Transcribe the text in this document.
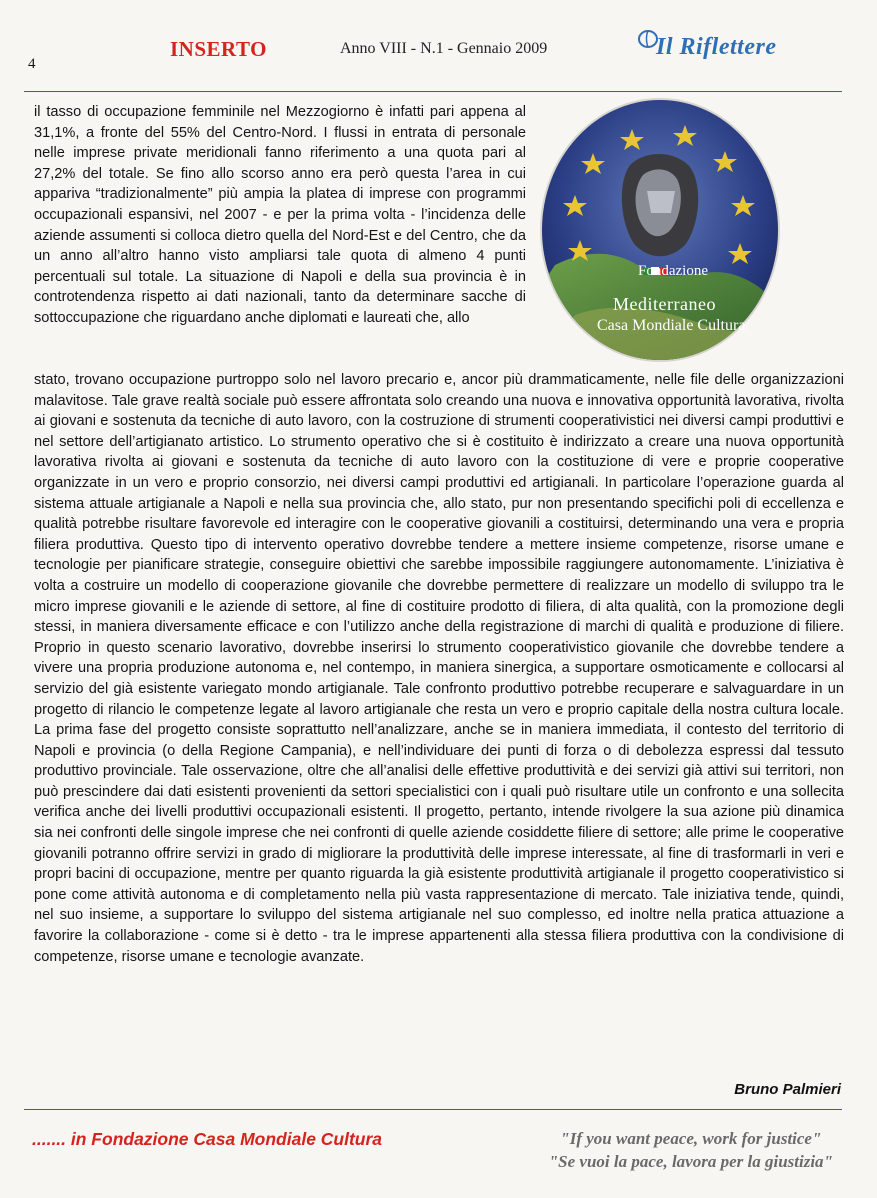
4
INSERTO	Anno VIII - N.1 - Gennaio 2009	Il Riflettere
Fondazione
Mediterraneo
Casa Mondiale Cultura

il tasso di occupazione femminile nel Mezzogiorno è infatti pari appena al 31,1%, a fronte del 55% del Centro-Nord. I flussi in entrata di personale nelle imprese private meridionali fanno riferimento a una quota pari al 27,2% del totale. Se fino allo scorso anno era però questa l’area in cui appariva “tradizionalmente” più ampia la platea di imprese con programmi occupazionali espansivi, nel 2007 - e per la prima volta - l’incidenza delle aziende assumenti si colloca dietro quella del Nord-Est e del Centro, che da un anno all’altro hanno visto ampliarsi tale quota di almeno 4 punti percentuali sul totale. La situazione di Napoli e della sua provincia è in controtendenza rispetto ai dati nazionali, tanto da determinare sacche di sottoccupazione che riguardano anche diplomati e laureati che, allo

stato, trovano occupazione purtroppo solo nel lavoro precario e, ancor più drammaticamente, nelle file delle organizzazioni malavitose. Tale grave realtà sociale può essere affrontata solo creando una nuova e innovativa opportunità lavorativa, rivolta ai giovani e sostenuta da tecniche di auto lavoro, con la costruzione di strumenti cooperativistici nei diversi campi produttivi e nel settore dell’artigianato artistico. Lo strumento operativo che si è costituito è indirizzato a creare una nuova opportunità lavorativa rivolta ai giovani e sostenuta da tecniche di auto lavoro con la costituzione di vere e proprie cooperative organizzate in un vero e proprio consorzio, nei diversi campi produttivi ed artigianali. In particolare l’operazione guarda al sistema attuale artigianale a Napoli e nella sua provincia che, allo stato, pur non presentando specifichi poli di eccellenza e qualità potrebbe risultare favorevole ed interagire con le cooperative giovanili a costituirsi, determinando una vera e propria filiera produttiva. Questo tipo di intervento operativo dovrebbe tendere a mettere insieme competenze, risorse umane e tecnologie per pianificare strategie, conseguire obiettivi che sarebbe impossibile raggiungere autonomamente. L’iniziativa è volta a costruire un modello di cooperazione giovanile che dovrebbe permettere di realizzare un modello di sviluppo tra le micro imprese giovanili e le aziende di settore, al fine di costituire prodotto di filiera, di alta qualità, con la promozione degli stessi, in maniera diversamente efficace e con l’utilizzo anche della registrazione di marchi di qualità e produzione di filiere. Proprio in questo scenario lavorativo, dovrebbe inserirsi lo strumento cooperativistico giovanile che dovrebbe tendere a vivere una propria produzione autonoma e, nel contempo, in maniera sinergica, a supportare osmoticamente e collocarsi al servizio del già esistente variegato mondo artigianale. Tale confronto produttivo potrebbe recuperare e salvaguardare in un progetto di rilancio le competenze legate al lavoro artigianale che resta un vero e proprio capitale della nostra cultura locale. La prima fase del progetto consiste soprattutto nell’analizzare, anche se in maniera immediata, il contesto del territorio di Napoli e provincia (o della Regione Campania), e nell’individuare dei punti di forza o di debolezza espressi dal tessuto produttivo provinciale. Tale osservazione, oltre che all’analisi delle effettive produttività e dei servizi già attivi sui territori, non può prescindere dai dati esistenti provenienti da settori specialistici con i quali può risultare utile un confronto e una sollecita verifica anche dei livelli produttivi occupazionali esistenti. Il progetto, pertanto, intende rivolgere la sua azione più dinamica sia nei confronti delle singole imprese che nei confronti di quelle aziende cosiddette filiere di settore; alle prime le cooperative giovanili potranno offrire servizi in grado di migliorare la produttività delle imprese interessate, al fine di trasformarli in veri e propri bacini di occupazione, mentre per quanto riguarda la già esistente produttività artigianale il progetto cooperativistico si pone come attività autonoma e di completamento nella più vasta rappresentazione di mercato. Tale iniziativa tende, quindi, nel suo insieme, a supportare lo sviluppo del sistema artigianale nel suo complesso, ed inoltre nella pratica attuazione a favorire la collaborazione - come si è detto - tra le imprese appartenenti alla stessa filiera produttiva con la condivisione di competenze, risorse umane e tecnologie avanzate.

Bruno Palmieri
....... in Fondazione Casa Mondiale Cultura	"If you want peace, work for justice"
"Se vuoi la pace, lavora per la giustizia"
